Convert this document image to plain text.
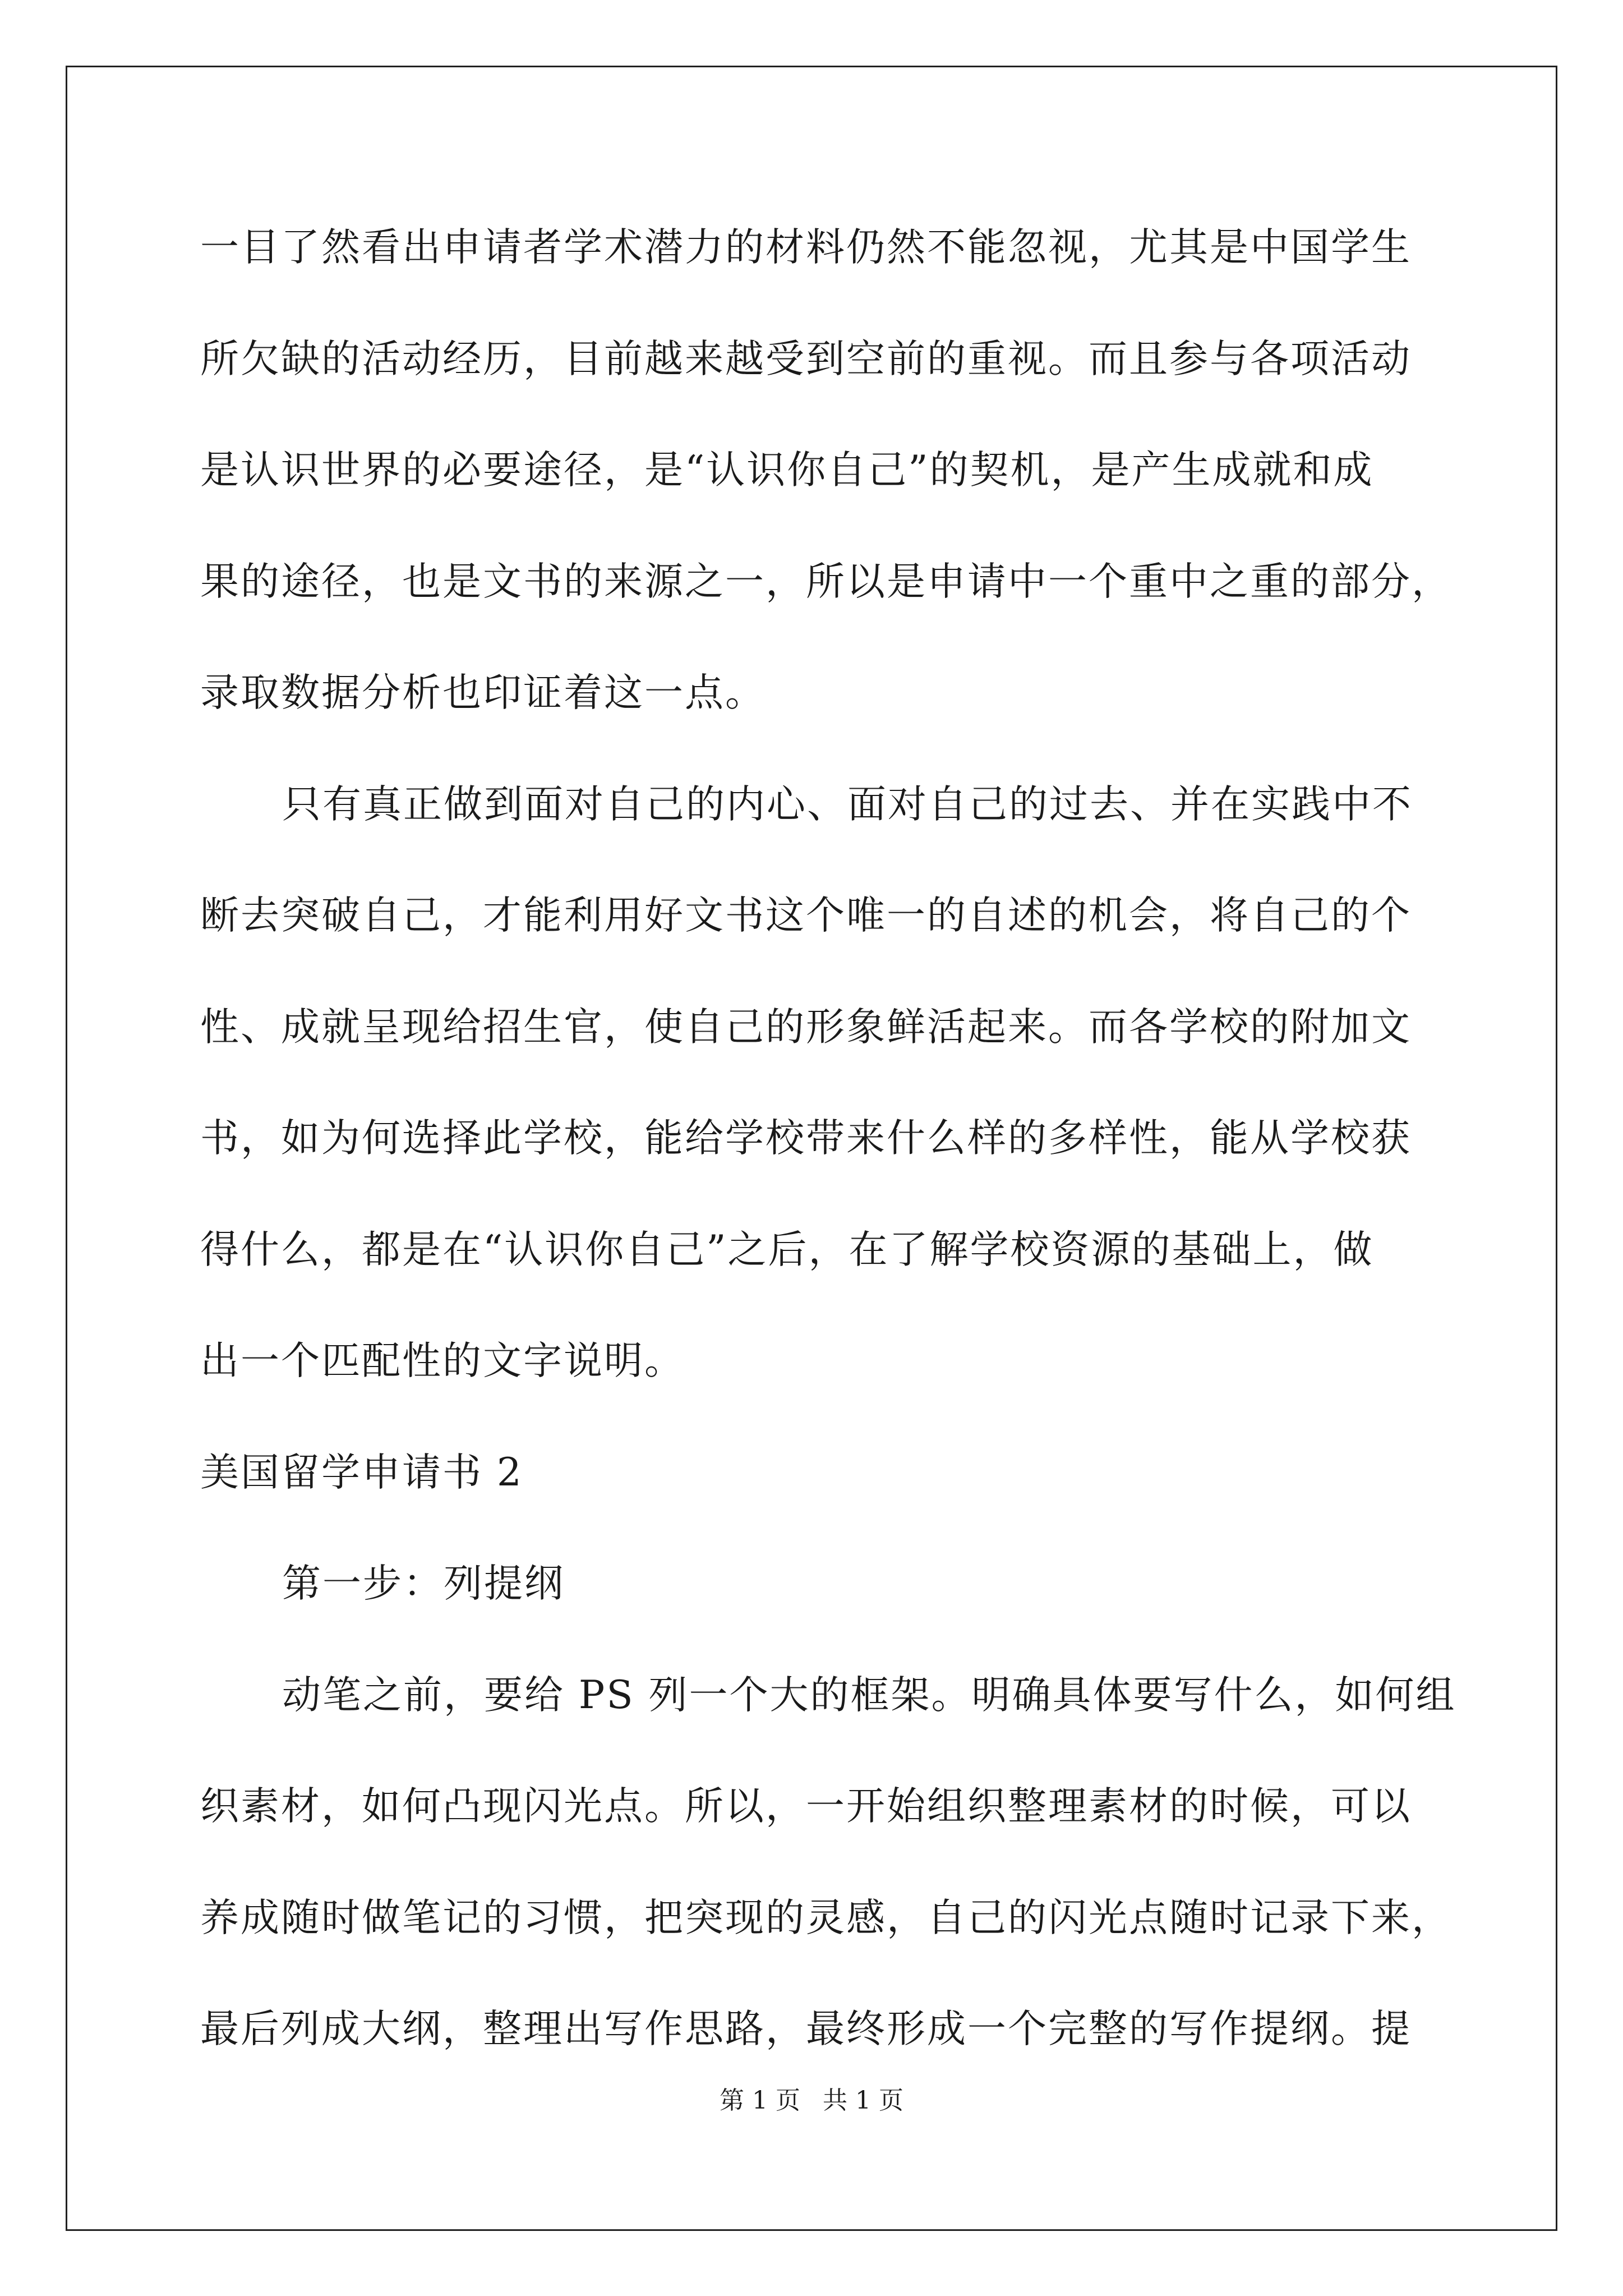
一目了然看出申请者学术潜力的材料仍然不能忽视，尤其是中国学生
所欠缺的活动经历，目前越来越受到空前的重视。而且参与各项活动
是认识世界的必要途径，是“认识你自己”的契机，是产生成就和成
果的途径，也是文书的来源之一，所以是申请中一个重中之重的部分，
录取数据分析也印证着这一点。
只有真正做到面对自己的内心、面对自己的过去、并在实践中不
断去突破自己，才能利用好文书这个唯一的自述的机会，将自己的个
性、成就呈现给招生官，使自己的形象鲜活起来。而各学校的附加文
书，如为何选择此学校，能给学校带来什么样的多样性，能从学校获
得什么，都是在“认识你自己”之后，在了解学校资源的基础上，做
出一个匹配性的文字说明。
美国留学申请书 2
第一步：列提纲
动笔之前，要给 PS 列一个大的框架。明确具体要写什么，如何组
织素材，如何凸现闪光点。所以，一开始组织整理素材的时候，可以
养成随时做笔记的习惯，把突现的灵感，自己的闪光点随时记录下来，
最后列成大纲，整理出写作思路，最终形成一个完整的写作提纲。提
第 1 页 共 1 页
